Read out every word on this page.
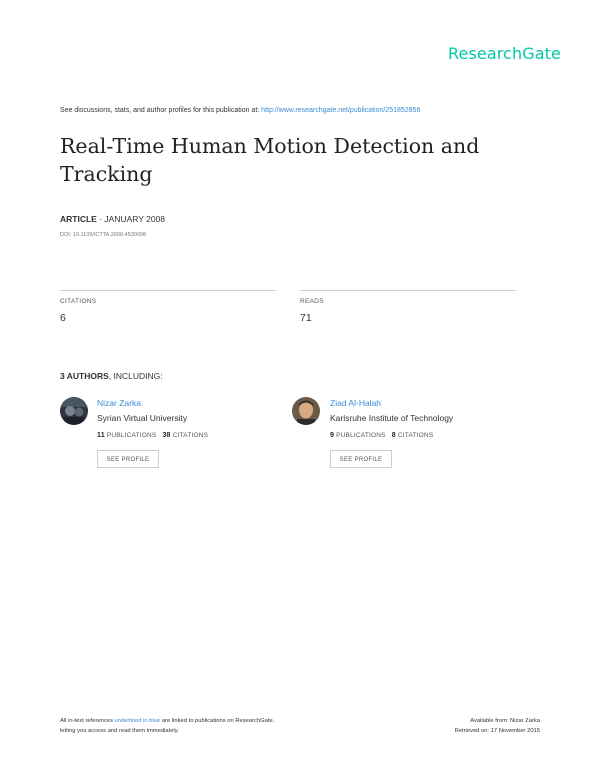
ResearchGate
See discussions, stats, and author profiles for this publication at: http://www.researchgate.net/publication/251852856
Real-Time Human Motion Detection and Tracking
ARTICLE · JANUARY 2008
DOI: 10.1109/ICTTA.2008.4530098
CITATIONS
6
READS
71
3 AUTHORS, INCLUDING:
Nizar Zarka
Syrian Virtual University
11 PUBLICATIONS 38 CITATIONS
SEE PROFILE
Ziad Al-Halah
Karlsruhe Institute of Technology
9 PUBLICATIONS 8 CITATIONS
SEE PROFILE
All in-text references underlined in blue are linked to publications on ResearchGate,
letting you access and read them immediately.
Available from: Nizar Zarka
Retrieved on: 17 November 2015
